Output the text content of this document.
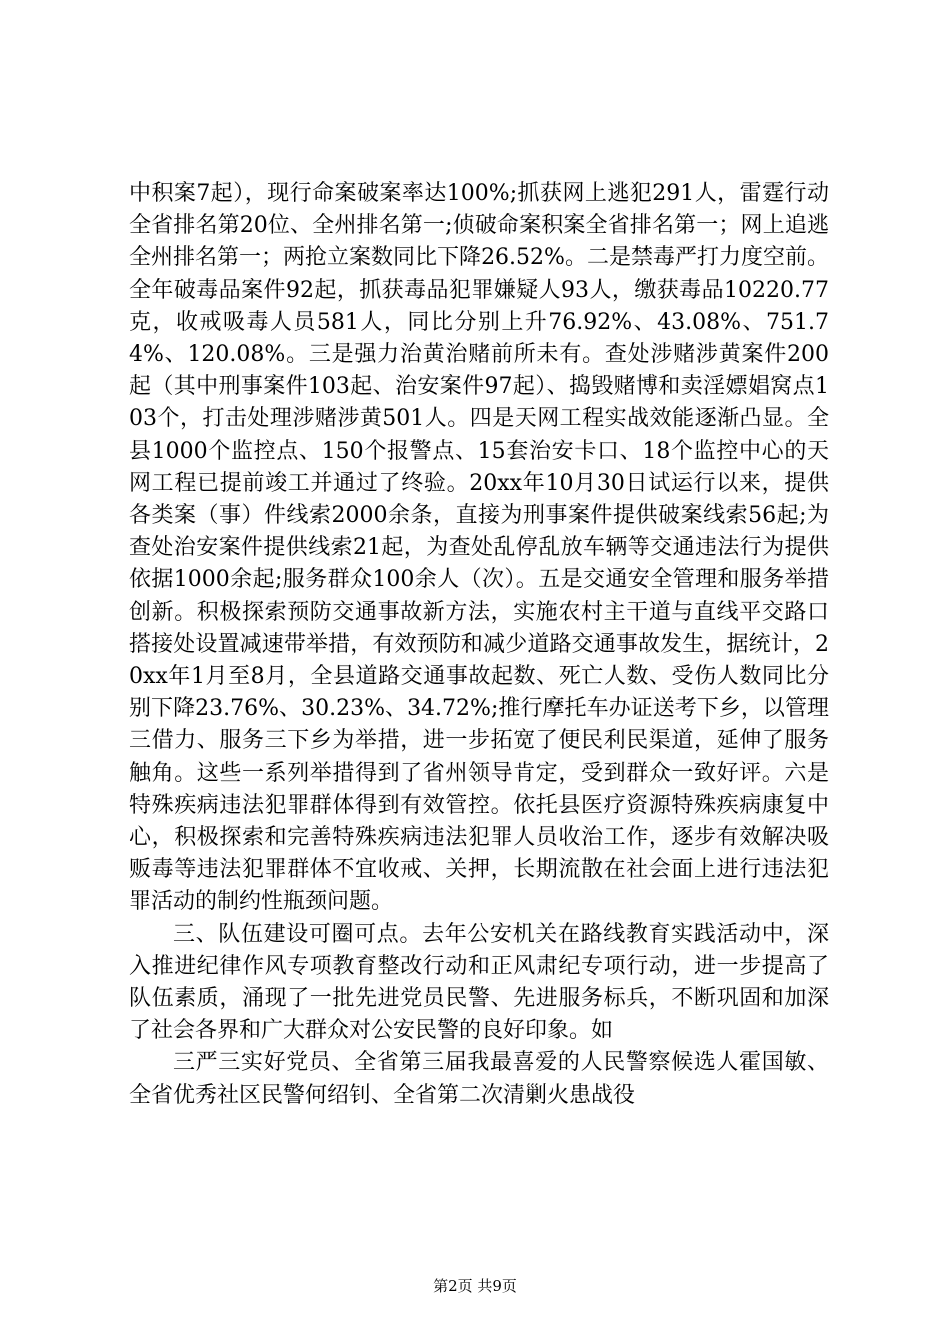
中积案7起），现行命案破案率达100%;抓获网上逃犯291人，雷霆行动全省排名第20位、全州排名第一;侦破命案积案全省排名第一；网上追逃全州排名第一；两抢立案数同比下降26.52%。二是禁毒严打力度空前。全年破毒品案件92起，抓获毒品犯罪嫌疑人93人，缴获毒品10220.77克，收戒吸毒人员581人，同比分别上升76.92%、43.08%、751.74%、120.08%。三是强力治黄治赌前所未有。查处涉赌涉黄案件200起（其中刑事案件103起、治安案件97起）、捣毁赌博和卖淫嫖娼窝点103个，打击处理涉赌涉黄501人。四是天网工程实战效能逐渐凸显。全县1000个监控点、150个报警点、15套治安卡口、18个监控中心的天网工程已提前竣工并通过了终验。20xx年10月30日试运行以来，提供各类案（事）件线索2000余条，直接为刑事案件提供破案线索56起;为查处治安案件提供线索21起，为查处乱停乱放车辆等交通违法行为提供依据1000余起;服务群众100余人（次）。五是交通安全管理和服务举措创新。积极探索预防交通事故新方法，实施农村主干道与直线平交路口搭接处设置减速带举措，有效预防和减少道路交通事故发生，据统计，20xx年1月至8月，全县道路交通事故起数、死亡人数、受伤人数同比分别下降23.76%、30.23%、34.72%;推行摩托车办证送考下乡，以管理三借力、服务三下乡为举措，进一步拓宽了便民利民渠道，延伸了服务触角。这些一系列举措得到了省州领导肯定，受到群众一致好评。六是特殊疾病违法犯罪群体得到有效管控。依托县医疗资源特殊疾病康复中心，积极探索和完善特殊疾病违法犯罪人员收治工作，逐步有效解决吸贩毒等违法犯罪群体不宜收戒、关押，长期流散在社会面上进行违法犯罪活动的制约性瓶颈问题。

三、队伍建设可圈可点。去年公安机关在路线教育实践活动中，深入推进纪律作风专项教育整改行动和正风肃纪专项行动，进一步提高了队伍素质，涌现了一批先进党员民警、先进服务标兵，不断巩固和加深了社会各界和广大群众对公安民警的良好印象。如

三严三实好党员、全省第三届我最喜爱的人民警察候选人霍国敏、全省优秀社区民警何绍钊、全省第二次清剿火患战役

第2页 共9页
